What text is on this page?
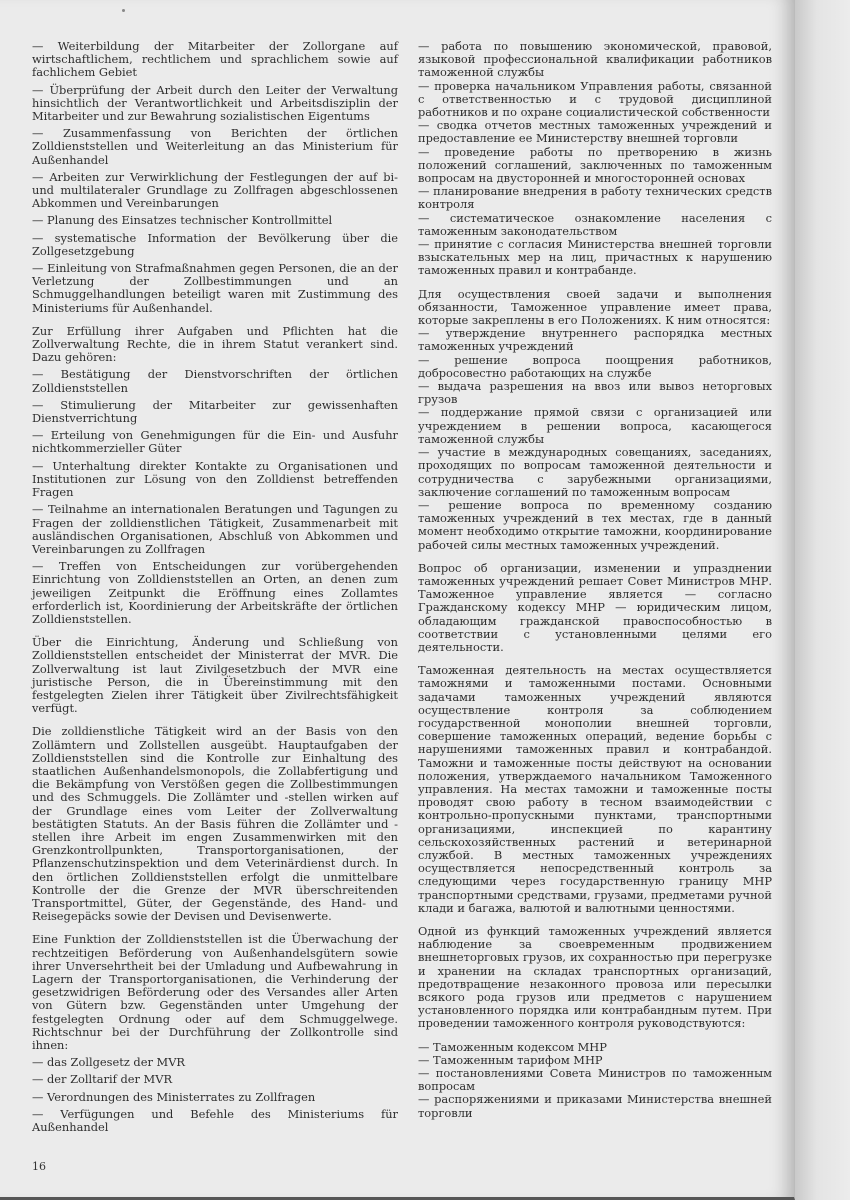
— Weiterbildung der Mitarbeiter der Zollorgane auf wirtschaftlichem, rechtlichem und sprachlichem sowie auf fachlichem Gebiet
— Überprüfung der Arbeit durch den Leiter der Verwaltung hinsichtlich der Verantwortlichkeit und Arbeitsdisziplin der Mitarbeiter und zur Bewahrung sozialistischen Eigentums
— Zusammenfassung von Berichten der örtlichen Zolldienststellen und Weiterleitung an das Ministerium für Außenhandel
— Arbeiten zur Verwirklichung der Festlegungen der auf bi- und multilateraler Grundlage zu Zollfragen abgeschlossenen Abkommen und Vereinbarungen
— Planung des Einsatzes technischer Kontrollmittel
— systematische Information der Bevölkerung über die Zollgesetzgebung
— Einleitung von Strafmaßnahmen gegen Personen, die an der Verletzung der Zollbestimmungen und an Schmuggelhandlungen beteiligt waren mit Zustimmung des Ministeriums für Außenhandel.
Zur Erfüllung ihrer Aufgaben und Pflichten hat die Zollverwaltung Rechte, die in ihrem Statut verankert sind. Dazu gehören:
— Bestätigung der Dienstvorschriften der örtlichen Zolldienststellen
— Stimulierung der Mitarbeiter zur gewissenhaften Dienstverrichtung
— Erteilung von Genehmigungen für die Ein- und Ausfuhr nichtkommerzieller Güter
— Unterhaltung direkter Kontakte zu Organisationen und Institutionen zur Lösung von den Zolldienst betreffenden Fragen
— Teilnahme an internationalen Beratungen und Tagungen zu Fragen der zolldienstlichen Tätigkeit, Zusammenarbeit mit ausländischen Organisationen, Abschluß von Abkommen und Vereinbarungen zu Zollfragen
— Treffen von Entscheidungen zur vorübergehenden Einrichtung von Zolldienststellen an Orten, an denen zum jeweiligen Zeitpunkt die Eröffnung eines Zollamtes erforderlich ist, Koordinierung der Arbeitskräfte der örtlichen Zolldienststellen.
Über die Einrichtung, Änderung und Schließung von Zolldienststellen entscheidet der Ministerrat der MVR. Die Zollverwaltung ist laut Zivilgesetzbuch der MVR eine juristische Person, die in Übereinstimmung mit den festgelegten Zielen ihrer Tätigkeit über Zivilrechtsfähigkeit verfügt.
Die zolldienstliche Tätigkeit wird an der Basis von den Zollämtern und Zollstellen ausgeübt. Hauptaufgaben der Zolldienststellen sind die Kontrolle zur Einhaltung des staatlichen Außenhandelsmonopols, die Zollabfertigung und die Bekämpfung von Verstößen gegen die Zollbestimmungen und des Schmuggels. Die Zollämter und -stellen wirken auf der Grundlage eines vom Leiter der Zollverwaltung bestätigten Statuts. An der Basis führen die Zollämter und -stellen ihre Arbeit im engen Zusammenwirken mit den Grenzkontrollpunkten, Transportorganisationen, der Pflanzenschutzinspektion und dem Veterinärdienst durch. In den örtlichen Zolldienststellen erfolgt die unmittelbare Kontrolle der die Grenze der MVR überschreitenden Transportmittel, Güter, der Gegenstände, des Hand- und Reisegepäcks sowie der Devisen und Devisenwerte.
Eine Funktion der Zolldienststellen ist die Überwachung der rechtzeitigen Beförderung von Außenhandelsgütern sowie ihrer Unversehrtheit bei der Umladung und Aufbewahrung in Lagern der Transportorganisationen, die Verhinderung der gesetzwidrigen Beförderung oder des Versandes aller Arten von Gütern bzw. Gegenständen unter Umgehung der festgelegten Ordnung oder auf dem Schmuggelwege. Richtschnur bei der Durchführung der Zollkontrolle sind ihnen:
— das Zollgesetz der MVR
— der Zolltarif der MVR
— Verordnungen des Ministerrates zu Zollfragen
— Verfügungen und Befehle des Ministeriums für Außenhandel
— работа по повышению экономической, правовой, языковой профессиональной квалификации работников таможенной службы
— проверка начальником Управления работы, связанной с ответственностью и с трудовой дисциплиной работников и по охране социалистической собственности
— сводка отчетов местных таможенных учреждений и предоставление ее Министерству внешней торговли
— проведение работы по претворению в жизнь положений соглашений, заключенных по таможенным вопросам на двусторонней и многосторонней основах
— планирование внедрения в работу технических средств контроля
— систематическое ознакомление населения с таможенным законодательством
— принятие с согласия Министерства внешней торговли взыскательных мер на лиц, причастных к нарушению таможенных правил и контрабанде.
Для осуществления своей задачи и выполнения обязанности, Таможенное управление имеет права, которые закреплены в его Положениях. К ним относятся:
— утверждение внутреннего распорядка местных таможенных учреждений
— решение вопроса поощрения работников, добросовестно работающих на службе
— выдача разрешения на ввоз или вывоз неторговых грузов
— поддержание прямой связи с организацией или учреждением в решении вопроса, касающегося таможенной службы
— участие в международных совещаниях, заседаниях, проходящих по вопросам таможенной деятельности и сотрудничества с зарубежными организациями, заключение соглашений по таможенным вопросам
— решение вопроса по временному созданию таможенных учреждений в тех местах, где в данный момент необходимо открытие таможни, координирование рабочей силы местных таможенных учреждений.
Вопрос об организации, изменении и упразднении таможенных учреждений решает Совет Министров МНР. Таможенное управление является — согласно Гражданскому кодексу МНР — юридическим лицом, обладающим гражданской правоспособностью в соответствии с установленными целями его деятельности.
Таможенная деятельность на местах осуществляется таможнями и таможенными постами. Основными задачами таможенных учреждений являются осуществление контроля за соблюдением государственной монополии внешней торговли, совершение таможенных операций, ведение борьбы с нарушениями таможенных правил и контрабандой. Таможни и таможенные посты действуют на основании положения, утверждаемого начальником Таможенного управления. На местах таможни и таможенные посты проводят свою работу в тесном взаимодействии с контрольно-пропускными пунктами, транспортными организациями, инспекцией по карантину сельскохозяйственных растений и ветеринарной службой. В местных таможенных учреждениях осуществляется непосредственный контроль за следующими через государственную границу МНР транспортными средствами, грузами, предметами ручной клади и багажа, валютой и валютными ценностями.
Одной из функций таможенных учреждений является наблюдение за своевременным продвижением внешнеторговых грузов, их сохранностью при перегрузке и хранении на складах транспортных организаций, предотвращение незаконного провоза или пересылки всякого рода грузов или предметов с нарушением установленного порядка или контрабандным путем. При проведении таможенного контроля руководствуются:
— Таможенным кодексом МНР
— Таможенным тарифом МНР
— постановлениями Совета Министров по таможенным вопросам
— распоряжениями и приказами Министерства внешней торговли
16
